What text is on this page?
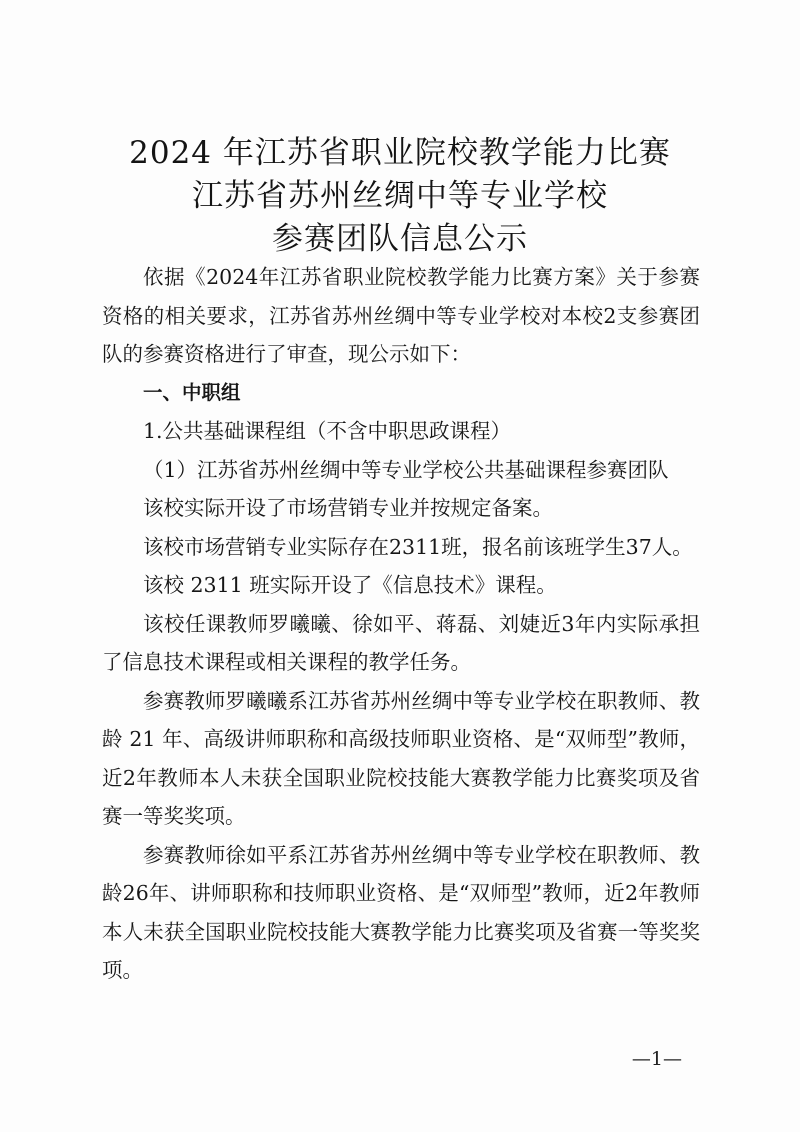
2024 年江苏省职业院校教学能力比赛
江苏省苏州丝绸中等专业学校
参赛团队信息公示

依据《2024年江苏省职业院校教学能力比赛方案》关于参赛资格的相关要求，江苏省苏州丝绸中等专业学校对本校2支参赛团队的参赛资格进行了审查，现公示如下：

一、中职组

1.公共基础课程组（不含中职思政课程）

（1）江苏省苏州丝绸中等专业学校公共基础课程参赛团队

该校实际开设了市场营销专业并按规定备案。

该校市场营销专业实际存在2311班，报名前该班学生37人。

该校 2311 班实际开设了《信息技术》课程。

该校任课教师罗曦曦、徐如平、蒋磊、刘婕近3年内实际承担了信息技术课程或相关课程的教学任务。

参赛教师罗曦曦系江苏省苏州丝绸中等专业学校在职教师、教龄 21 年、高级讲师职称和高级技师职业资格、是“双师型”教师，近2年教师本人未获全国职业院校技能大赛教学能力比赛奖项及省赛一等奖奖项。

参赛教师徐如平系江苏省苏州丝绸中等专业学校在职教师、教龄26年、讲师职称和技师职业资格、是“双师型”教师，近2年教师本人未获全国职业院校技能大赛教学能力比赛奖项及省赛一等奖奖项。

—1—
